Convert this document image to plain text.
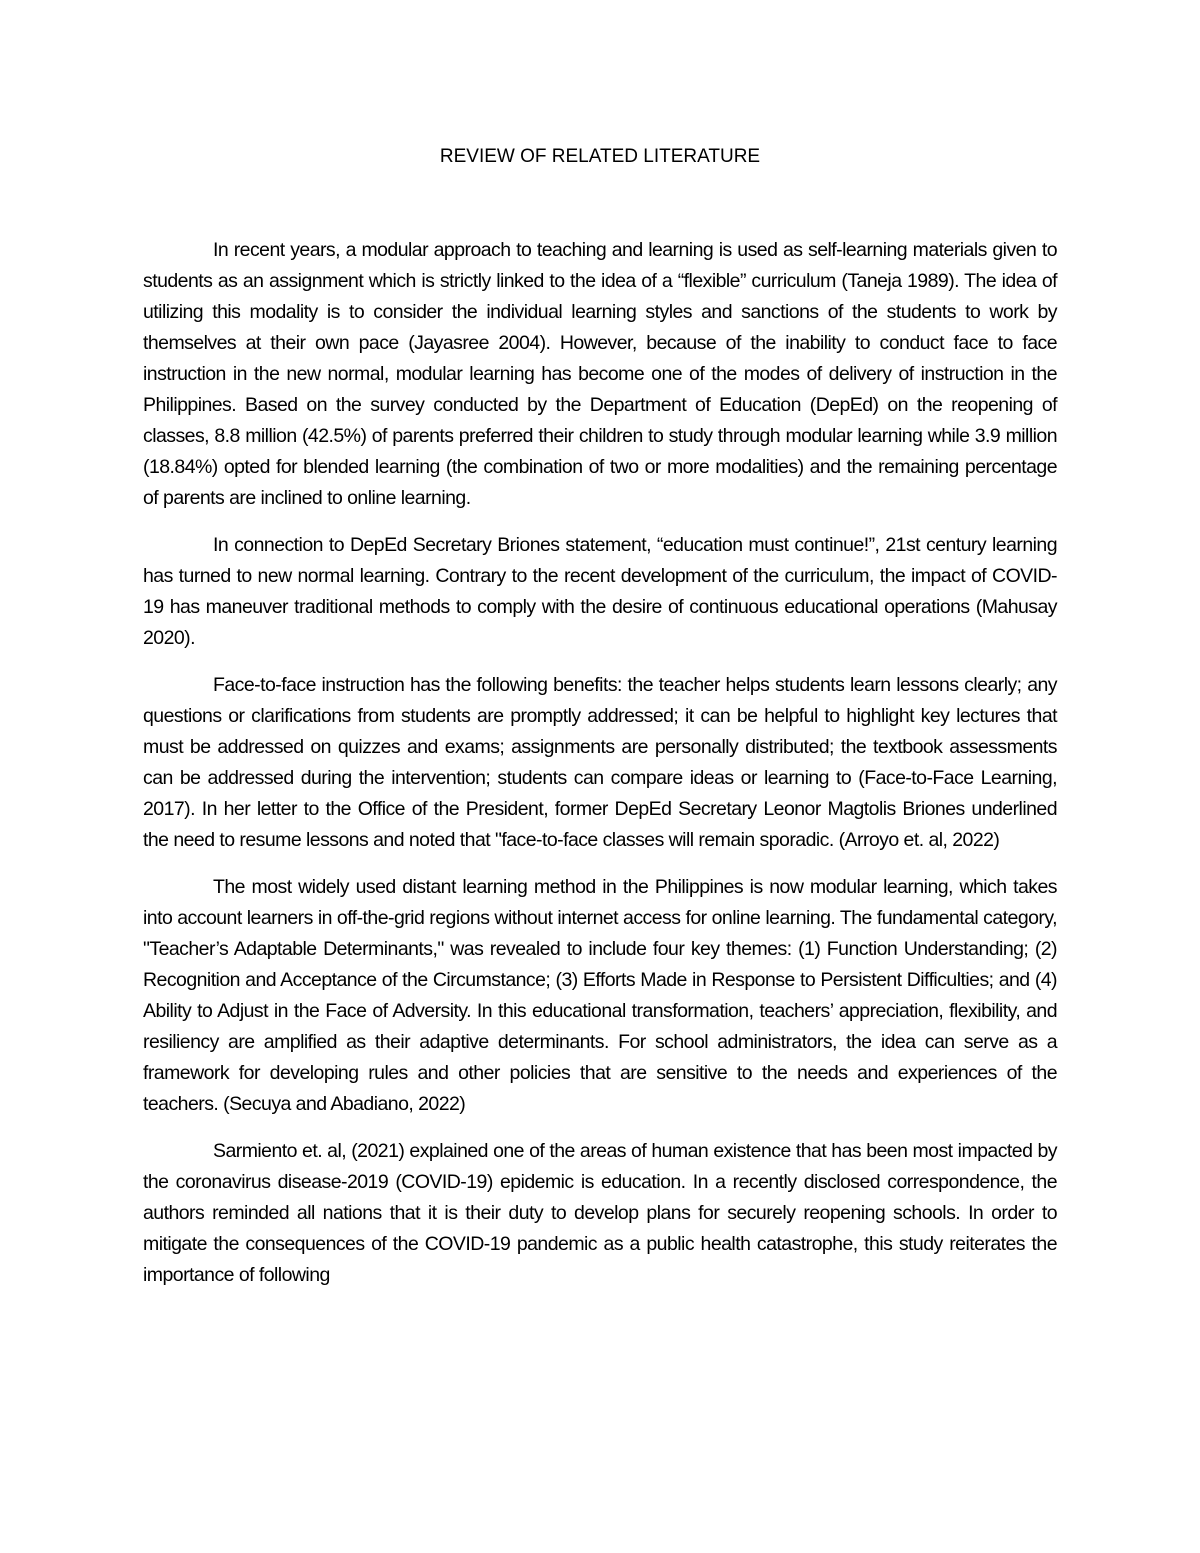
REVIEW OF RELATED LITERATURE

In recent years, a modular approach to teaching and learning is used as self-learning materials given to students as an assignment which is strictly linked to the idea of a “flexible” curriculum (Taneja 1989). The idea of utilizing this modality is to consider the individual learning styles and sanctions of the students to work by themselves at their own pace (Jayasree 2004). However, because of the inability to conduct face to face instruction in the new normal, modular learning has become one of the modes of delivery of instruction in the Philippines. Based on the survey conducted by the Department of Education (DepEd) on the reopening of classes, 8.8 million (42.5%) of parents preferred their children to study through modular learning while 3.9 million (18.84%) opted for blended learning (the combination of two or more modalities) and the remaining percentage of parents are inclined to online learning.

In connection to DepEd Secretary Briones statement, “education must continue!”, 21st century learning has turned to new normal learning. Contrary to the recent development of the curriculum, the impact of COVID-19 has maneuver traditional methods to comply with the desire of continuous educational operations (Mahusay 2020).

Face-to-face instruction has the following benefits: the teacher helps students learn lessons clearly; any questions or clarifications from students are promptly addressed; it can be helpful to highlight key lectures that must be addressed on quizzes and exams; assignments are personally distributed; the textbook assessments can be addressed during the intervention; students can compare ideas or learning to (Face-to-Face Learning, 2017). In her letter to the Office of the President, former DepEd Secretary Leonor Magtolis Briones underlined the need to resume lessons and noted that "face-to-face classes will remain sporadic. (Arroyo et. al, 2022)

The most widely used distant learning method in the Philippines is now modular learning, which takes into account learners in off-the-grid regions without internet access for online learning. The fundamental category, "Teacher’s Adaptable Determinants," was revealed to include four key themes: (1) Function Understanding; (2) Recognition and Acceptance of the Circumstance; (3) Efforts Made in Response to Persistent Difficulties; and (4) Ability to Adjust in the Face of Adversity. In this educational transformation, teachers’ appreciation, flexibility, and resiliency are amplified as their adaptive determinants. For school administrators, the idea can serve as a framework for developing rules and other policies that are sensitive to the needs and experiences of the teachers. (Secuya and Abadiano, 2022)

Sarmiento et. al, (2021) explained one of the areas of human existence that has been most impacted by the coronavirus disease-2019 (COVID-19) epidemic is education. In a recently disclosed correspondence, the authors reminded all nations that it is their duty to develop plans for securely reopening schools. In order to mitigate the consequences of the COVID-19 pandemic as a public health catastrophe, this study reiterates the importance of following
